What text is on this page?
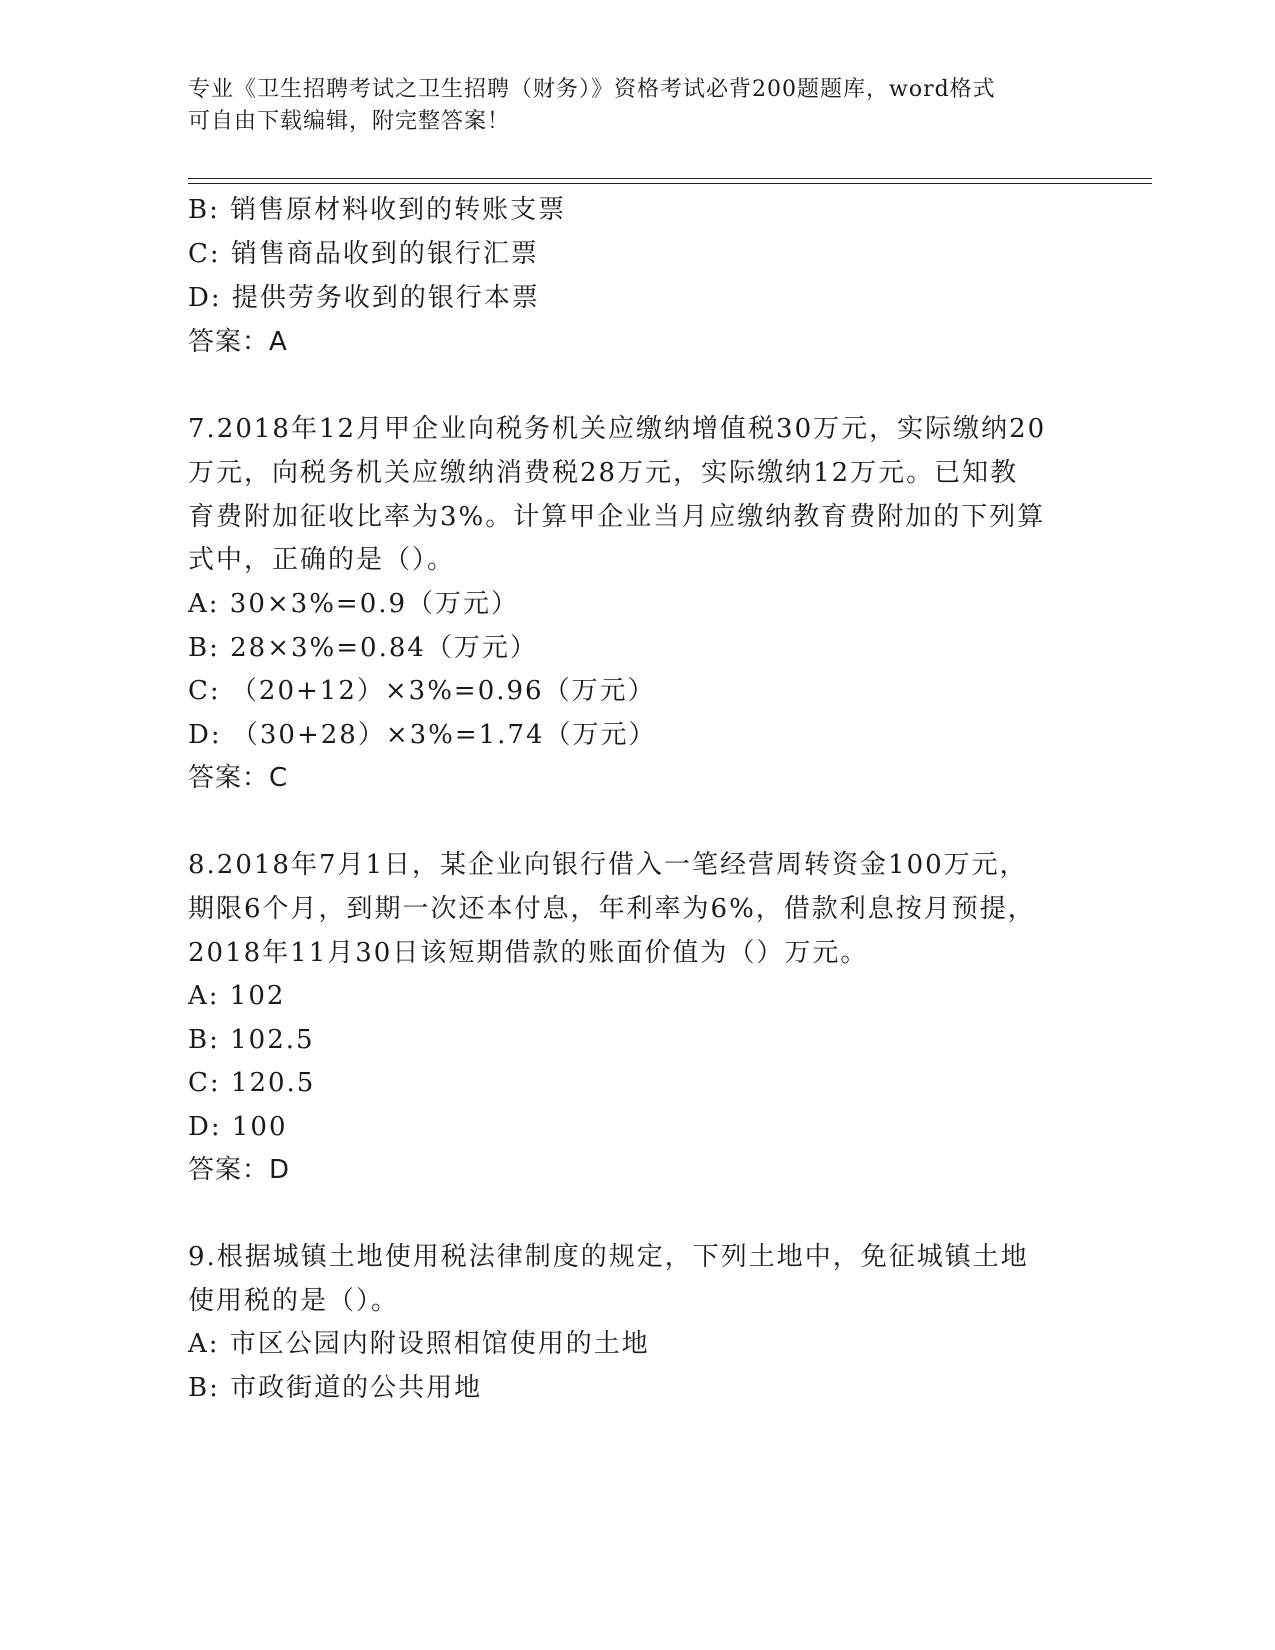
专业《卫生招聘考试之卫生招聘（财务）》资格考试必背200题题库，word格式
可自由下载编辑，附完整答案！
B: 销售原材料收到的转账支票
C: 销售商品收到的银行汇票
D: 提供劳务收到的银行本票
答案：A
7.2018年12月甲企业向税务机关应缴纳增值税30万元，实际缴纳20
万元，向税务机关应缴纳消费税28万元，实际缴纳12万元。已知教
育费附加征收比率为3%。计算甲企业当月应缴纳教育费附加的下列算
式中，正确的是（）。
A: 30×3%=0.9（万元）
B: 28×3%=0.84（万元）
C: （20+12）×3%=0.96（万元）
D: （30+28）×3%=1.74（万元）
答案：C
8.2018年7月1日，某企业向银行借入一笔经营周转资金100万元，
期限6个月，到期一次还本付息，年利率为6%，借款利息按月预提，
2018年11月30日该短期借款的账面价值为（）万元。
A: 102
B: 102.5
C: 120.5
D: 100
答案：D
9.根据城镇土地使用税法律制度的规定，下列土地中，免征城镇土地
使用税的是（）。
A: 市区公园内附设照相馆使用的土地
B: 市政街道的公共用地
